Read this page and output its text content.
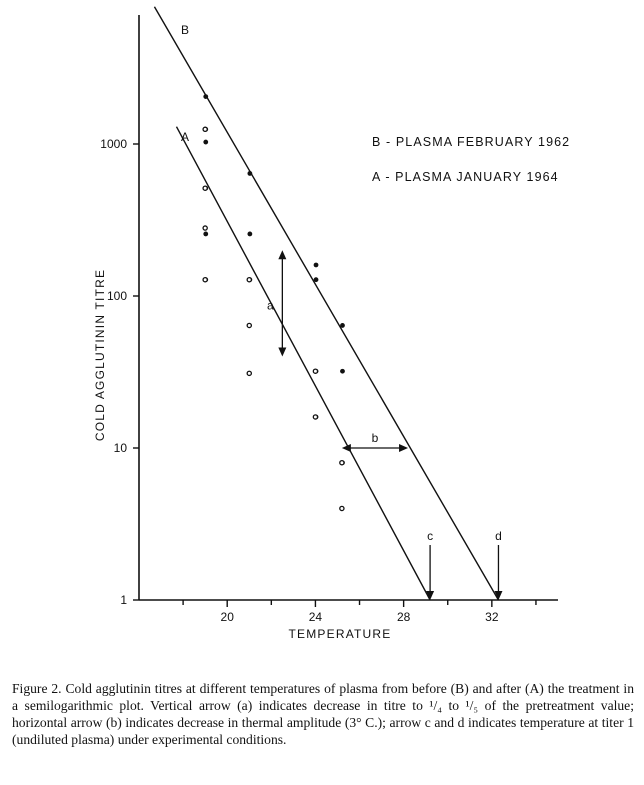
1
10
100
1000
20	24	28	32
a
b
c	d
TEMPERATURE
COLD AGGLUTININ TITRE
B - PLASMA FEBRUARY 1962
A - PLASMA JANUARY 1964
B
A

Figure 2. Cold agglutinin titres at different temperatures of plasma from before (B) and after (A) the treatment in a semilogarithmic plot. Vertical arrow (a) indicates decrease in titre to ¹/₄ to ¹/₅ of the pretreatment value; horizontal arrow (b) indicates decrease in thermal amplitude (3° C.); arrow c and d indicates temperature at titer 1 (undiluted plasma) under experimental conditions.
